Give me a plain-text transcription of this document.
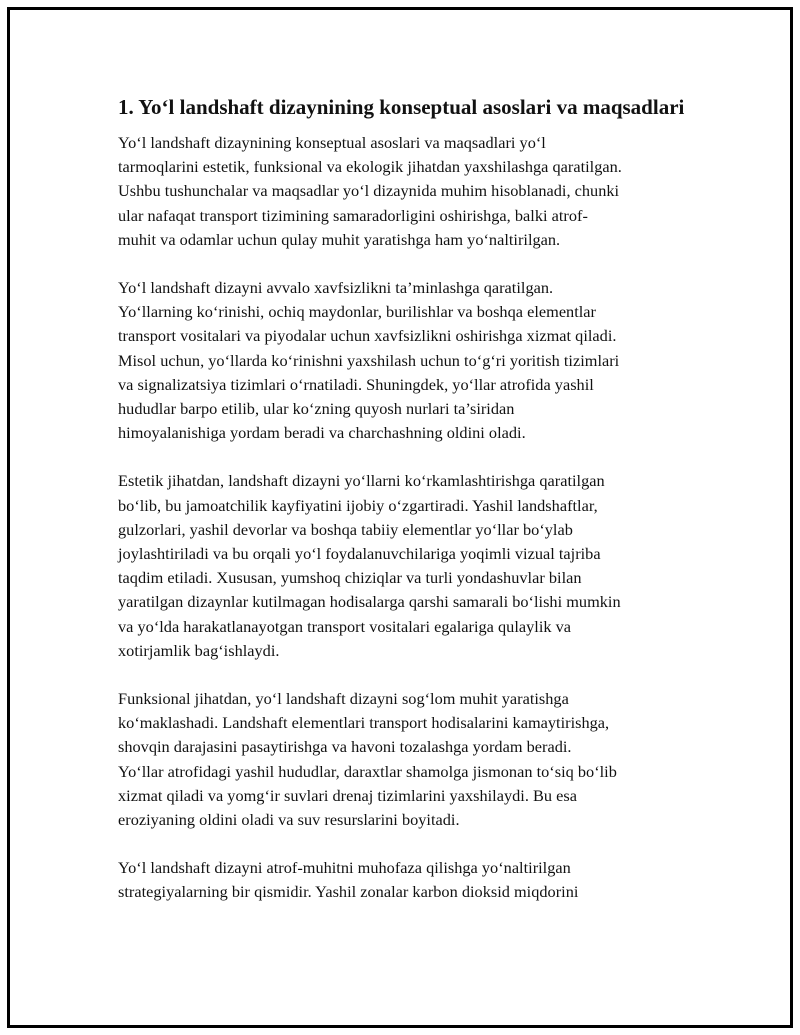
1. Yo‘l landshaft dizaynining konseptual asoslari va maqsadlari

Yo‘l landshaft dizaynining konseptual asoslari va maqsadlari yo‘l
tarmoqlarini estetik, funksional va ekologik jihatdan yaxshilashga qaratilgan.
Ushbu tushunchalar va maqsadlar yo‘l dizaynida muhim hisoblanadi, chunki
ular nafaqat transport tizimining samaradorligini oshirishga, balki atrof-
muhit va odamlar uchun qulay muhit yaratishga ham yo‘naltirilgan.

Yo‘l landshaft dizayni avvalo xavfsizlikni ta’minlashga qaratilgan.
Yo‘llarning ko‘rinishi, ochiq maydonlar, burilishlar va boshqa elementlar
transport vositalari va piyodalar uchun xavfsizlikni oshirishga xizmat qiladi.
Misol uchun, yo‘llarda ko‘rinishni yaxshilash uchun to‘g‘ri yoritish tizimlari
va signalizatsiya tizimlari o‘rnatiladi. Shuningdek, yo‘llar atrofida yashil
hududlar barpo etilib, ular ko‘zning quyosh nurlari ta’siridan
himoyalanishiga yordam beradi va charchashning oldini oladi.

Estetik jihatdan, landshaft dizayni yo‘llarni ko‘rkamlashtirishga qaratilgan
bo‘lib, bu jamoatchilik kayfiyatini ijobiy o‘zgartiradi. Yashil landshaftlar,
gulzorlari, yashil devorlar va boshqa tabiiy elementlar yo‘llar bo‘ylab
joylashtiriladi va bu orqali yo‘l foydalanuvchilariga yoqimli vizual tajriba
taqdim etiladi. Xususan, yumshoq chiziqlar va turli yondashuvlar bilan
yaratilgan dizaynlar kutilmagan hodisalarga qarshi samarali bo‘lishi mumkin
va yo‘lda harakatlanayotgan transport vositalari egalariga qulaylik va
xotirjamlik bag‘ishlaydi.

Funksional jihatdan, yo‘l landshaft dizayni sog‘lom muhit yaratishga
ko‘maklashadi. Landshaft elementlari transport hodisalarini kamaytirishga,
shovqin darajasini pasaytirishga va havoni tozalashga yordam beradi.
Yo‘llar atrofidagi yashil hududlar, daraxtlar shamolga jismonan to‘siq bo‘lib
xizmat qiladi va yomg‘ir suvlari drenaj tizimlarini yaxshilaydi. Bu esa
eroziyaning oldini oladi va suv resurslarini boyitadi.

Yo‘l landshaft dizayni atrof-muhitni muhofaza qilishga yo‘naltirilgan
strategiyalarning bir qismidir. Yashil zonalar karbon dioksid miqdorini
